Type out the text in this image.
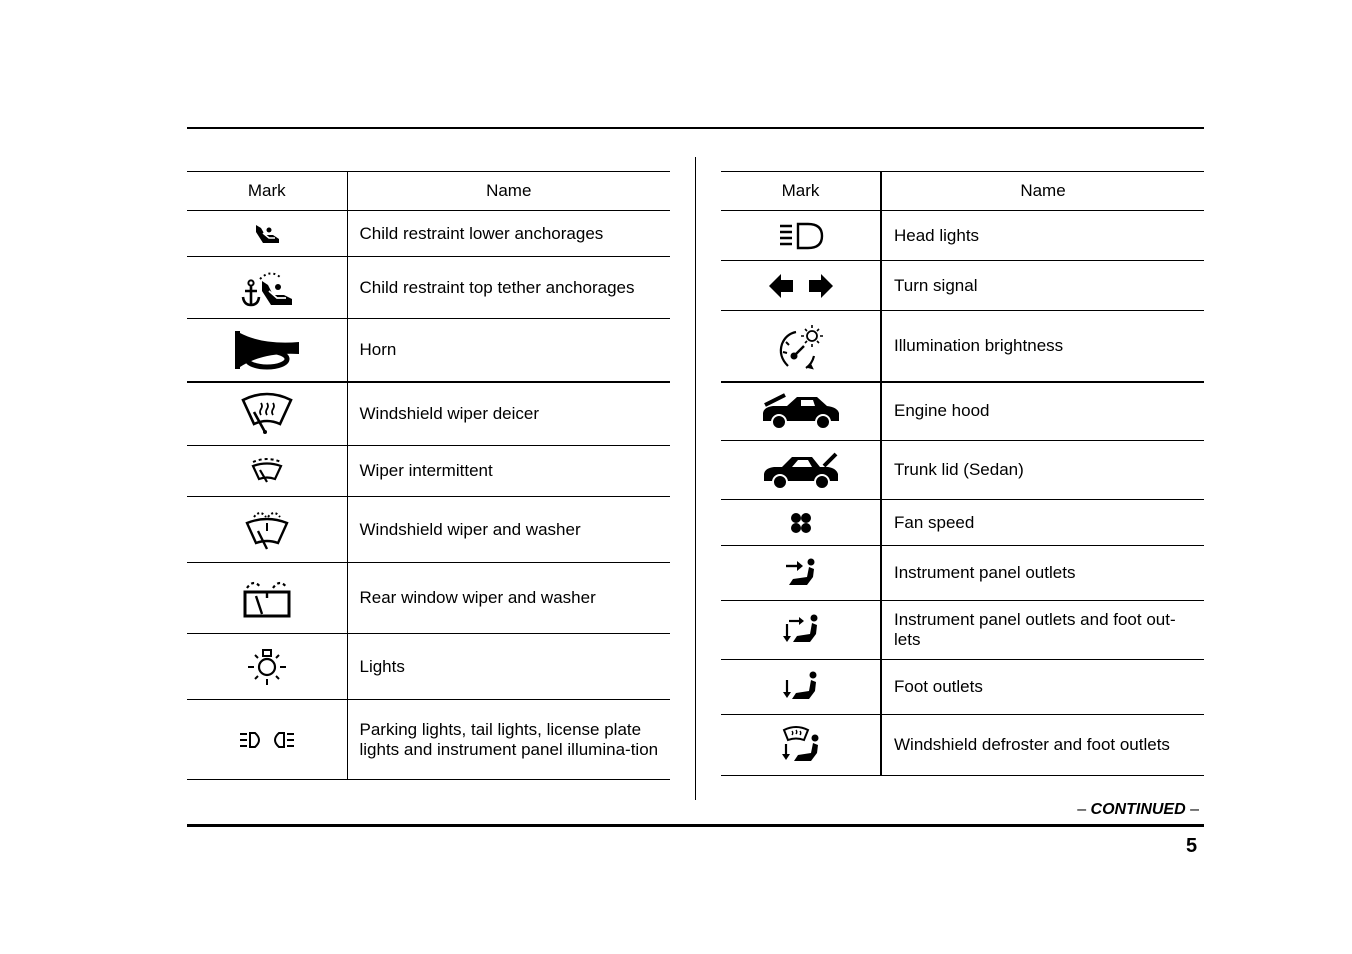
Mark	Name

	Child restraint lower anchorages

	Child restraint top tether anchorages

	Horn

	Windshield wiper deicer

	Wiper intermittent

	Windshield wiper and washer

	Rear window wiper and washer

	Lights

	Parking lights, tail lights, license plate lights and instrument panel illumina-tion
Mark	Name

	Head lights

	Turn signal

	Illumination brightness

	Engine hood

	Trunk lid (Sedan)

	Fan speed

	Instrument panel outlets

	Instrument panel outlets and foot out-lets

	Foot outlets

	Windshield defroster and foot outlets
– CONTINUED –
5
